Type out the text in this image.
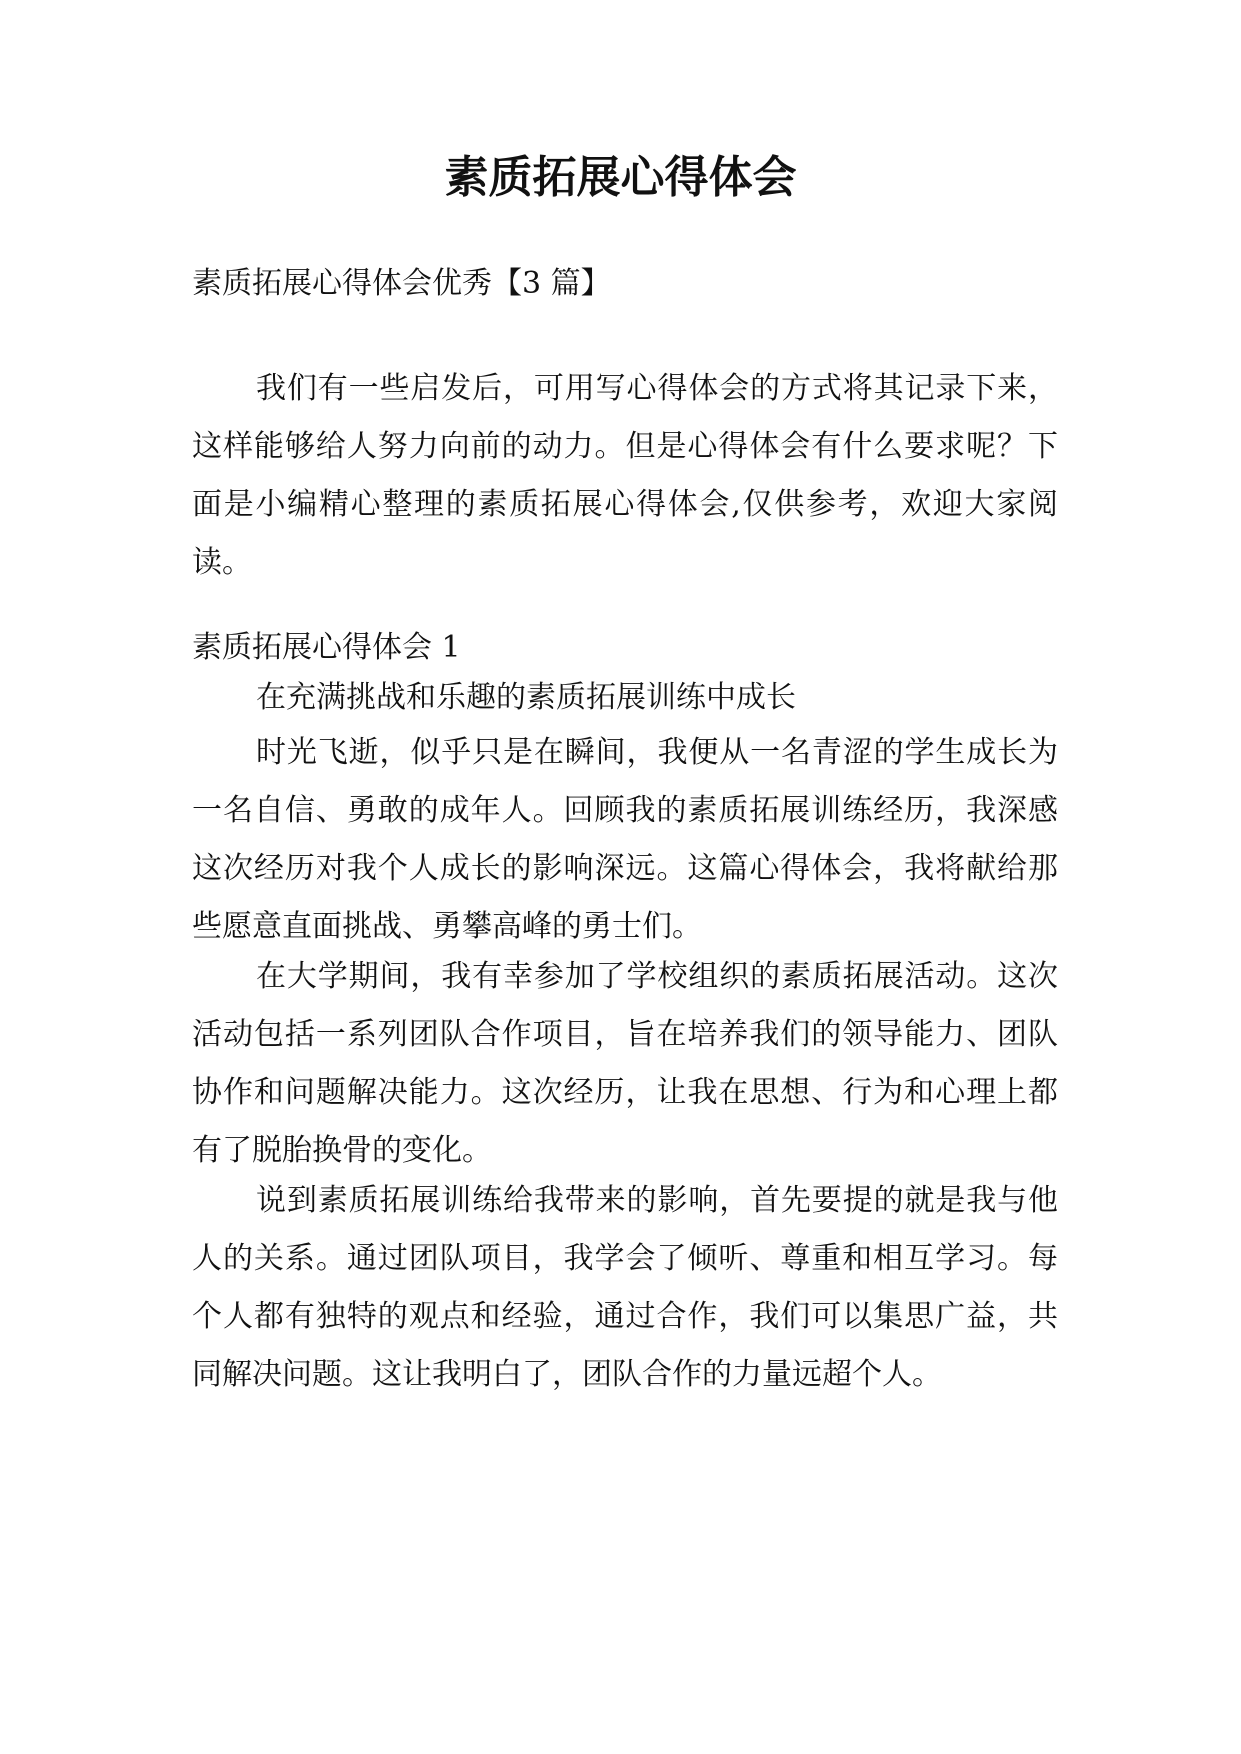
素质拓展心得体会

素质拓展心得体会优秀【3 篇】

我们有一些启发后，可用写心得体会的方式将其记录下来，这样能够给人努力向前的动力。但是心得体会有什么要求呢？下面是小编精心整理的素质拓展心得体会,仅供参考，欢迎大家阅读。

素质拓展心得体会 1

在充满挑战和乐趣的素质拓展训练中成长

时光飞逝，似乎只是在瞬间，我便从一名青涩的学生成长为一名自信、勇敢的成年人。回顾我的素质拓展训练经历，我深感这次经历对我个人成长的影响深远。这篇心得体会，我将献给那些愿意直面挑战、勇攀高峰的勇士们。

在大学期间，我有幸参加了学校组织的素质拓展活动。这次活动包括一系列团队合作项目，旨在培养我们的领导能力、团队协作和问题解决能力。这次经历，让我在思想、行为和心理上都有了脱胎换骨的变化。

说到素质拓展训练给我带来的影响，首先要提的就是我与他人的关系。通过团队项目，我学会了倾听、尊重和相互学习。每个人都有独特的观点和经验，通过合作，我们可以集思广益，共同解决问题。这让我明白了，团队合作的力量远超个人。
